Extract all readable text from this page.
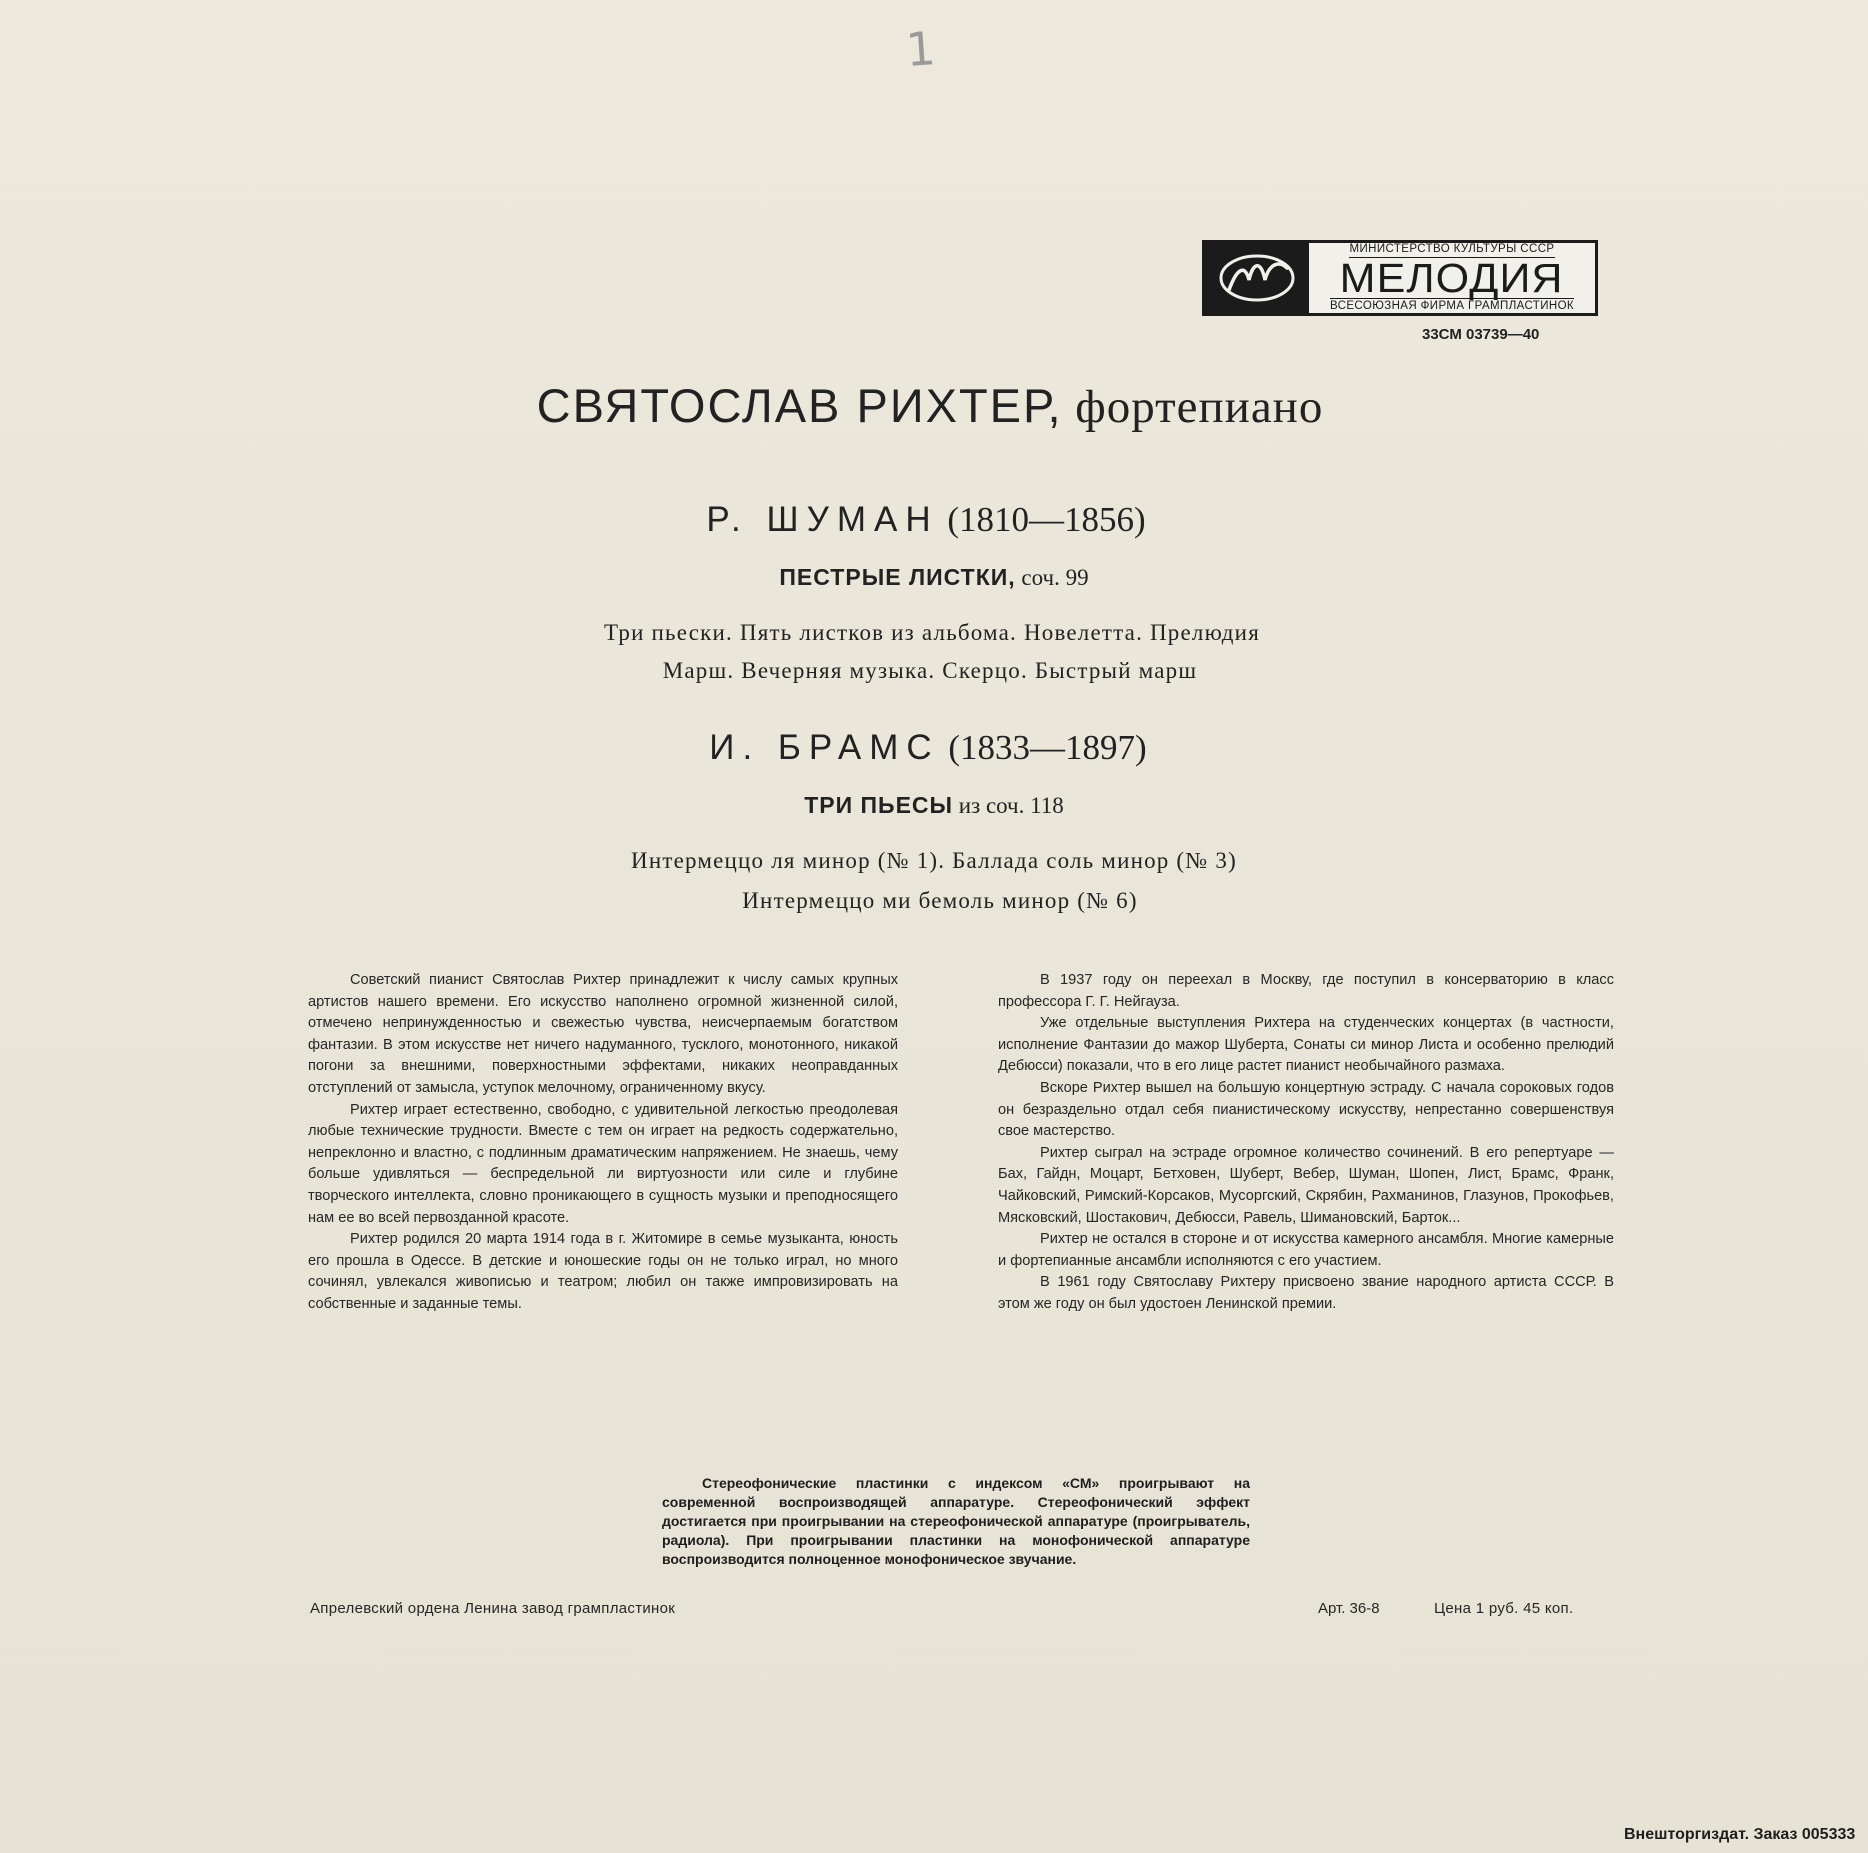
1
МИНИСТЕРСТВО КУЛЬТУРЫ СССР
МЕЛОДИЯ
ВСЕСОЮЗНАЯ ФИРМА ГРАМПЛАСТИНОК
33СМ 03739—40
СВЯТОСЛАВ РИХТЕР, фортепиано
Р. ШУМАН (1810—1856)
ПЕСТРЫЕ ЛИСТКИ, соч. 99
Три пьески. Пять листков из альбома. Новелетта. Прелюдия
Марш. Вечерняя музыка. Скерцо. Быстрый марш
И. БРАМС (1833—1897)
ТРИ ПЬЕСЫ из соч. 118
Интермеццо ля минор (№ 1). Баллада соль минор (№ 3)
Интермеццо ми бемоль минор (№ 6)

Советский пианист Святослав Рихтер принадлежит к числу самых крупных артистов нашего времени. Его искусство наполнено огромной жизненной силой, отмечено непринужденностью и свежестью чувства, неисчерпаемым богатством фантазии. В этом искусстве нет ничего надуманного, тусклого, монотонного, никакой погони за внешними, поверхностными эффектами, никаких неоправданных отступлений от замысла, уступок мелочному, ограниченному вкусу.

Рихтер играет естественно, свободно, с удивительной легкостью преодолевая любые технические трудности. Вместе с тем он играет на редкость содержательно, непреклонно и властно, с подлинным драматическим напряжением. Не знаешь, чему больше удивляться — беспредельной ли виртуозности или силе и глубине творческого интеллекта, словно проникающего в сущность музыки и преподносящего нам ее во всей первозданной красоте.

Рихтер родился 20 марта 1914 года в г. Житомире в семье музыканта, юность его прошла в Одессе. В детские и юношеские годы он не только играл, но много сочинял, увлекался живописью и театром; любил он также импровизировать на собственные и заданные темы.

В 1937 году он переехал в Москву, где поступил в консерваторию в класс профессора Г. Г. Нейгауза.

Уже отдельные выступления Рихтера на студенческих концертах (в частности, исполнение Фантазии до мажор Шуберта, Сонаты си минор Листа и особенно прелюдий Дебюсси) показали, что в его лице растет пианист необычайного размаха.

Вскоре Рихтер вышел на большую концертную эстраду. С начала сороковых годов он безраздельно отдал себя пианистическому искусству, непрестанно совершенствуя свое мастерство.

Рихтер сыграл на эстраде огромное количество сочинений. В его репертуаре — Бах, Гайдн, Моцарт, Бетховен, Шуберт, Вебер, Шуман, Шопен, Лист, Брамс, Франк, Чайковский, Римский-Корсаков, Мусоргский, Скрябин, Рахманинов, Глазунов, Прокофьев, Мясковский, Шостакович, Дебюсси, Равель, Шимановский, Барток...

Рихтер не остался в стороне и от искусства камерного ансамбля. Многие камерные и фортепианные ансамбли исполняются с его участием.

В 1961 году Святославу Рихтеру присвоено звание народного артиста СССР. В этом же году он был удостоен Ленинской премии.

Стереофонические пластинки с индексом «СМ» проигрывают на современной воспроизводящей аппаратуре. Стереофонический эффект достигается при проигрывании на стереофонической аппаратуре (проигрыватель, радиола). При проигрывании пластинки на монофонической аппаратуре воспроизводится полноценное монофоническое звучание.
Апрелевский ордена Ленина завод грампластинок	Арт. 36-8	Цена 1 руб. 45 коп.
Внешторгиздат. Заказ 005333
